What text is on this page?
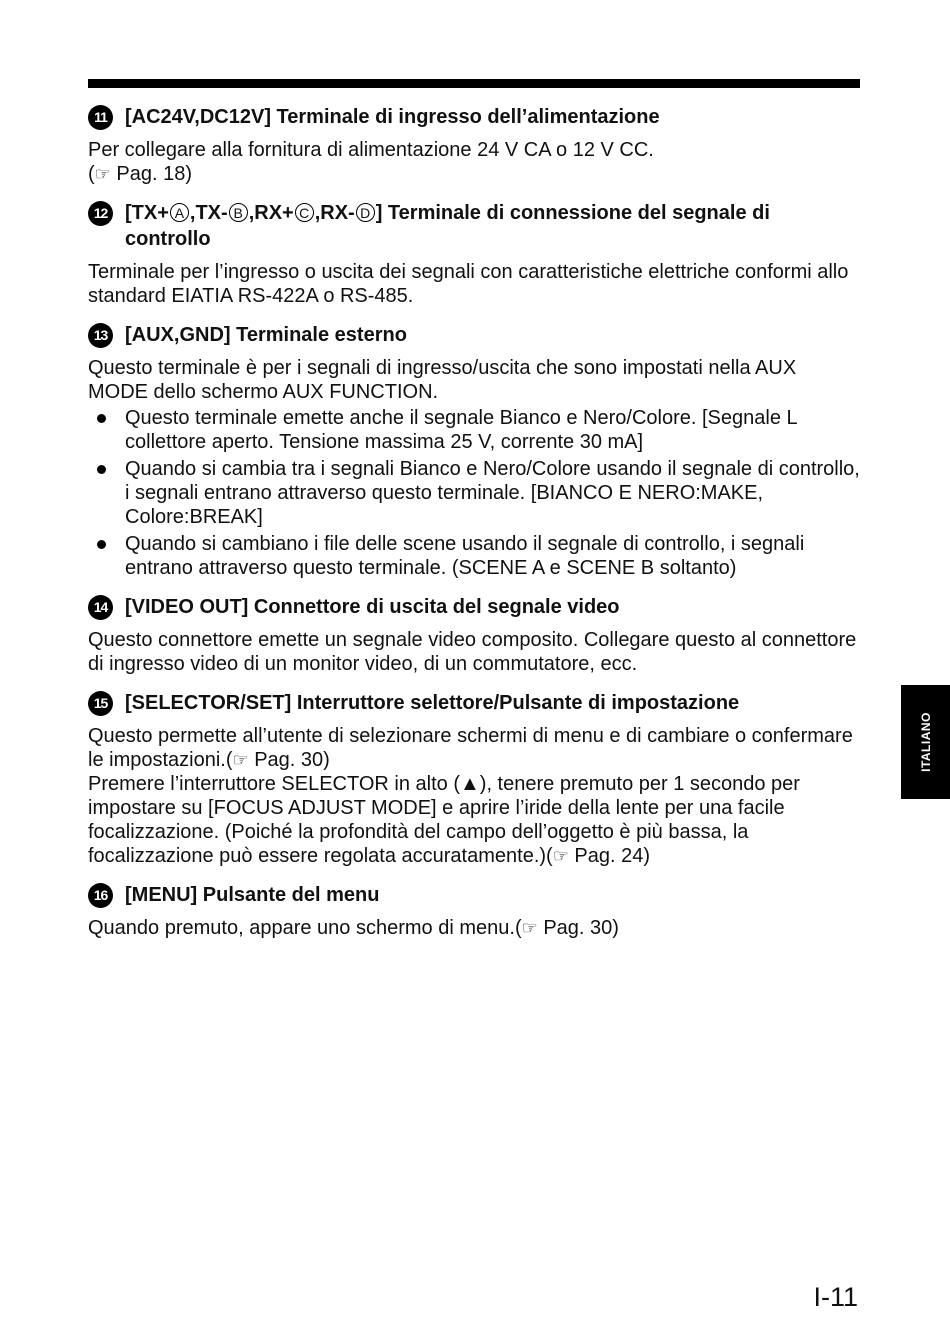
11 [AC24V,DC12V] Terminale di ingresso dell’alimentazione
Per collegare alla fornitura di alimentazione 24 V CA o 12 V CC.
(☞ Pag. 18)
12 [TX+ A ,TX- B ,RX+ C ,RX- D ] Terminale di connessione del segnale di controllo
Terminale per l’ingresso o uscita dei segnali con caratteristiche elettriche conformi allo standard EIATIA RS-422A o RS-485.
13 [AUX,GND] Terminale esterno
Questo terminale è per i segnali di ingresso/uscita che sono impostati nella AUX MODE dello schermo AUX FUNCTION.
Questo terminale emette anche il segnale Bianco e Nero/Colore. [Segnale L collettore aperto. Tensione massima 25 V, corrente 30 mA]
Quando si cambia tra i segnali Bianco e Nero/Colore usando il segnale di controllo, i segnali entrano attraverso questo terminale. [BIANCO E NERO:MAKE, Colore:BREAK]
Quando si cambiano i file delle scene usando il segnale di controllo, i segnali entrano attraverso questo terminale. (SCENE A e SCENE B soltanto)
14 [VIDEO OUT] Connettore di uscita del segnale video
Questo connettore emette un segnale video composito. Collegare questo al connettore di ingresso video di un monitor video, di un commutatore, ecc.
15 [SELECTOR/SET] Interruttore selettore/Pulsante di impostazione
Questo permette all’utente di selezionare schermi di menu e di cambiare o confermare le impostazioni.(☞ Pag. 30)
Premere l’interruttore SELECTOR in alto (▲), tenere premuto per 1 secondo per impostare su [FOCUS ADJUST MODE] e aprire l’iride della lente per una facile focalizzazione. (Poiché la profondità del campo dell’oggetto è più bassa, la focalizzazione può essere regolata accuratamente.)(☞ Pag. 24)
16 [MENU] Pulsante del menu
Quando premuto, appare uno schermo di menu.(☞ Pag. 30)
ITALIANO
I-11
